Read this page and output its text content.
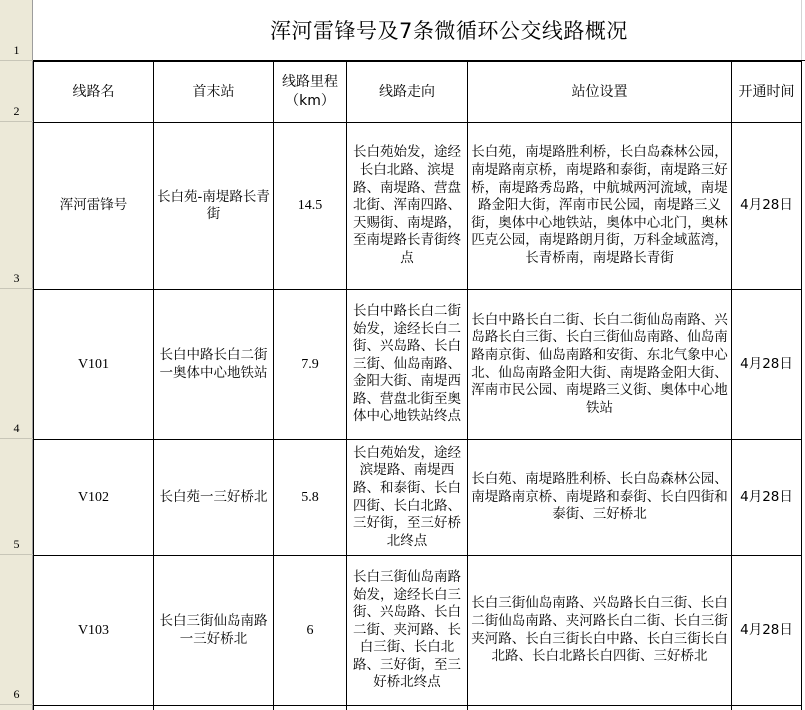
1
2
3
4
5
6
浑河雷锋号及7条微循环公交线路概况
线路名	首末站	线路里程（km）	线路走向	站位设置	开通时间
浑河雷锋号	长白苑-南堤路长青街	14.5	长白苑始发，途经长白北路、滨堤路、南堤路、营盘北街、浑南四路、天赐街、南堤路，至南堤路长青街终点	长白苑，南堤路胜利桥，长白岛森林公园，南堤路南京桥，南堤路和泰街，南堤路三好桥，南堤路秀岛路，中航城两河流域，南堤路金阳大街，浑南市民公园，南堤路三义街，奥体中心地铁站，奥体中心北门，奥林匹克公园，南堤路朗月街，万科金域蓝湾，长青桥南，南堤路长青街	4月28日
V101	长白中路长白二街一奥体中心地铁站	7.9	长白中路长白二街始发，途经长白二街、兴岛路、长白三街、仙岛南路、金阳大街、南堤西路、营盘北街至奥体中心地铁站终点	长白中路长白二街、长白二街仙岛南路、兴岛路长白三街、长白三街仙岛南路、仙岛南路南京街、仙岛南路和安街、东北气象中心北、仙岛南路金阳大街、南堤路金阳大街、浑南市民公园、南堤路三义街、奥体中心地铁站	4月28日
V102	长白苑一三好桥北	5.8	长白苑始发，途经滨堤路、南堤西路、和泰街、长白四街、长白北路、三好街，至三好桥北终点	长白苑、南堤路胜利桥、长白岛森林公园、南堤路南京桥、南堤路和泰街、长白四街和泰街、三好桥北	4月28日
V103	长白三街仙岛南路一三好桥北	6	长白三街仙岛南路始发，途经长白三街、兴岛路、长白二街、夹河路、长白三街、长白北路、三好街，至三好桥北终点	长白三街仙岛南路、兴岛路长白三街、长白二街仙岛南路、夹河路长白二街、长白三街夹河路、长白三街长白中路、长白三街长白北路、长白北路长白四街、三好桥北	4月28日
